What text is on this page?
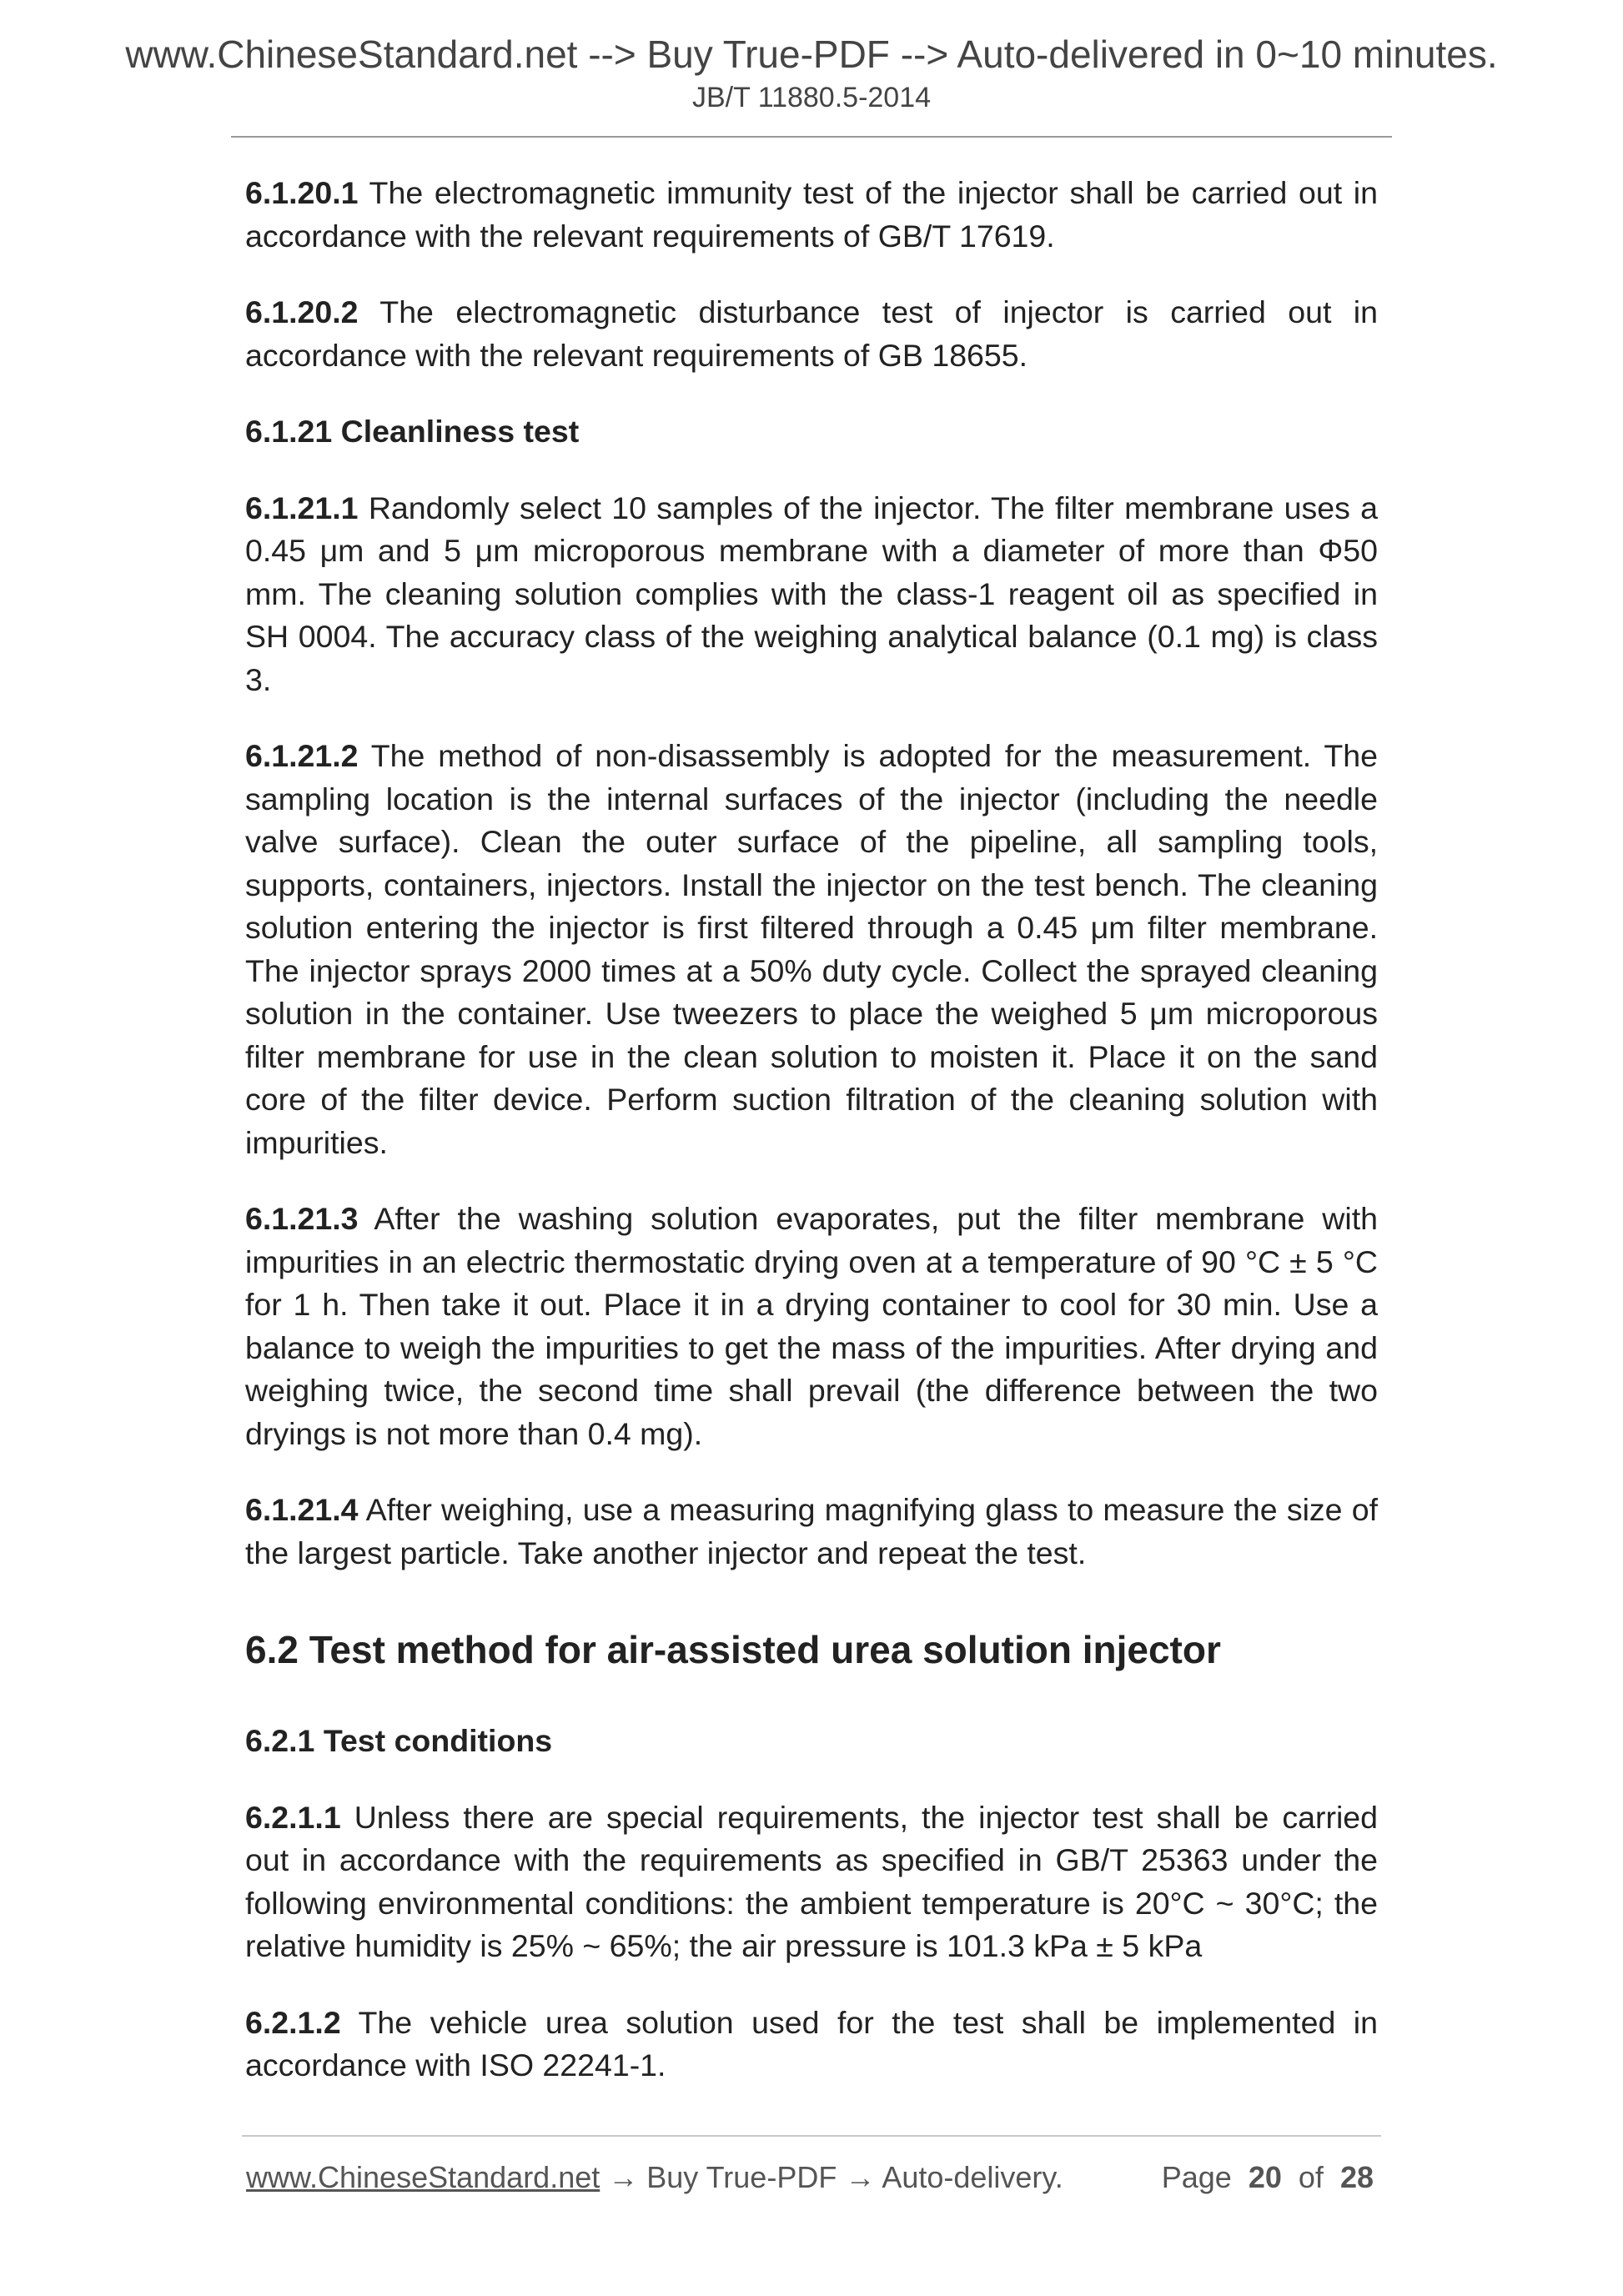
www.ChineseStandard.net --> Buy True-PDF --> Auto-delivered in 0~10 minutes.
JB/T 11880.5-2014

6.1.20.1 The electromagnetic immunity test of the injector shall be carried out in accordance with the relevant requirements of GB/T 17619.

6.1.20.2 The electromagnetic disturbance test of injector is carried out in accordance with the relevant requirements of GB 18655.

6.1.21 Cleanliness test

6.1.21.1 Randomly select 10 samples of the injector. The filter membrane uses a 0.45 μm and 5 μm microporous membrane with a diameter of more than Φ50 mm. The cleaning solution complies with the class-1 reagent oil as specified in SH 0004. The accuracy class of the weighing analytical balance (0.1 mg) is class 3.

6.1.21.2 The method of non-disassembly is adopted for the measurement. The sampling location is the internal surfaces of the injector (including the needle valve surface). Clean the outer surface of the pipeline, all sampling tools, supports, containers, injectors. Install the injector on the test bench. The cleaning solution entering the injector is first filtered through a 0.45 μm filter membrane. The injector sprays 2000 times at a 50% duty cycle. Collect the sprayed cleaning solution in the container. Use tweezers to place the weighed 5 μm microporous filter membrane for use in the clean solution to moisten it. Place it on the sand core of the filter device. Perform suction filtration of the cleaning solution with impurities.

6.1.21.3 After the washing solution evaporates, put the filter membrane with impurities in an electric thermostatic drying oven at a temperature of 90 °C ± 5 °C for 1 h. Then take it out. Place it in a drying container to cool for 30 min. Use a balance to weigh the impurities to get the mass of the impurities. After drying and weighing twice, the second time shall prevail (the difference between the two dryings is not more than 0.4 mg).

6.1.21.4 After weighing, use a measuring magnifying glass to measure the size of the largest particle. Take another injector and repeat the test.

6.2 Test method for air-assisted urea solution injector
6.2.1 Test conditions

6.2.1.1 Unless there are special requirements, the injector test shall be carried out in accordance with the requirements as specified in GB/T 25363 under the following environmental conditions: the ambient temperature is 20°C ~ 30°C; the relative humidity is 25% ~ 65%; the air pressure is 101.3 kPa ± 5 kPa

6.2.1.2 The vehicle urea solution used for the test shall be implemented in accordance with ISO 22241-1.

www.ChineseStandard.net → Buy True-PDF → Auto-delivery.	Page 20 of 28
